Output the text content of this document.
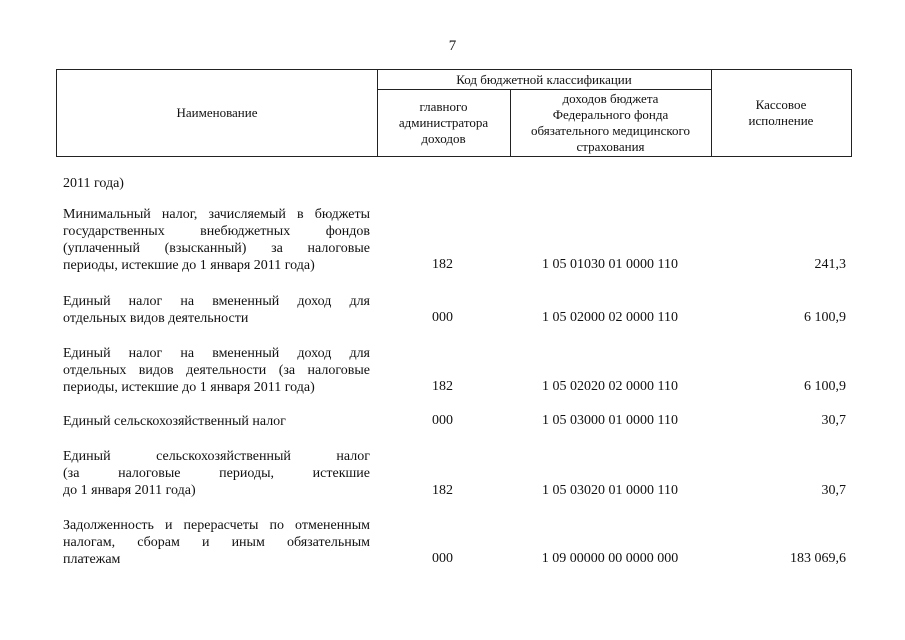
7
Наименование
Код бюджетной классификации
главного
администратора
доходов
доходов бюджета
Федерального фонда
обязательного медицинского
страхования
Кассовое
исполнение
2011 года)
Минимальный налог, зачисляемый в бюджеты
государственных внебюджетных фондов
(уплаченный (взысканный) за налоговые
периоды, истекшие до 1 января 2011 года)	182	1 05 01030 01 0000 110	241,3
Единый налог на вмененный доход для
отдельных видов деятельности	000	1 05 02000 02 0000 110	6 100,9
Единый налог на вмененный доход для
отдельных видов деятельности (за налоговые
периоды, истекшие до 1 января 2011 года)	182	1 05 02020 02 0000 110	6 100,9
Единый сельскохозяйственный налог	000	1 05 03000 01 0000 110	30,7
Единый сельскохозяйственный налог
(за налоговые периоды, истекшие
до 1 января 2011 года)	182	1 05 03020 01 0000 110	30,7
Задолженность и перерасчеты по отмененным
налогам, сборам и иным обязательным
платежам	000	1 09 00000 00 0000 000	183 069,6
